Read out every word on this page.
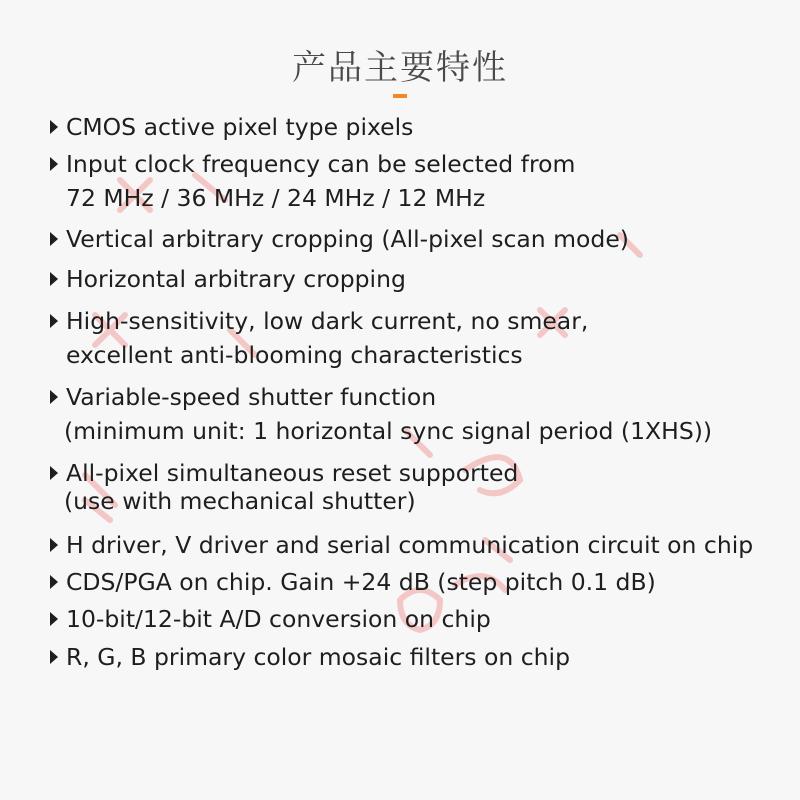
产品主要特性
CMOS active pixel type pixels
Input clock frequency can be selected from
72 MHz / 36 MHz / 24 MHz / 12 MHz
Vertical arbitrary cropping (All-pixel scan mode)
Horizontal arbitrary cropping
High-sensitivity, low dark current, no smear,
excellent anti-blooming characteristics
Variable-speed shutter function
(minimum unit: 1 horizontal sync signal period (1XHS))
All-pixel simultaneous reset supported
(use with mechanical shutter)
H driver, V driver and serial communication circuit on chip
CDS/PGA on chip. Gain +24 dB (step pitch 0.1 dB)
10-bit/12-bit A/D conversion on chip
R, G, B primary color mosaic filters on chip
